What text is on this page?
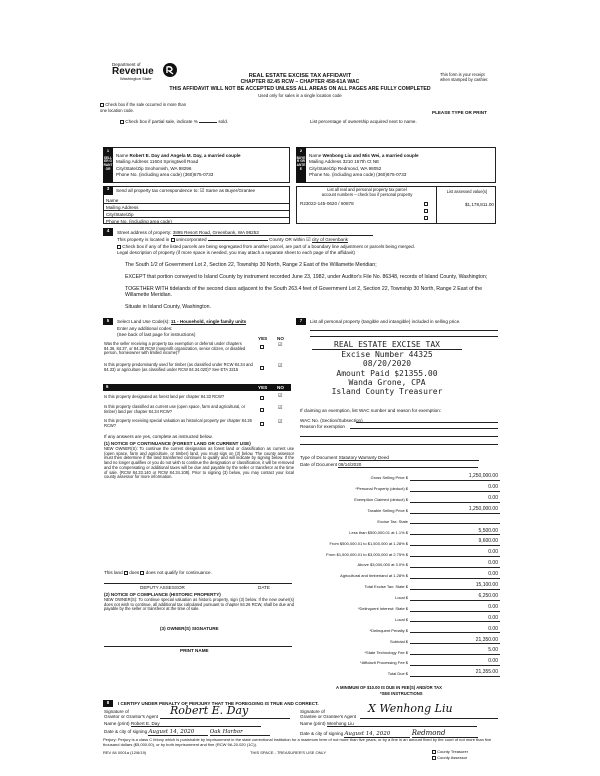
Department of
Revenue
Washington State	REAL ESTATE EXCISE TAX AFFIDAVIT
CHAPTER 82.45 RCW – CHAPTER 458-61A WAC
THIS AFFIDAVIT WILL NOT BE ACCEPTED UNLESS ALL AREAS ON ALL PAGES ARE FULLY COMPLETED
Used only for sales in a single location code
This form is your receipt
when stamped by cashier.
Check box if the sale occurred in more than one location code.	PLEASE TYPE OR PRINT
Check box if partial sale, indicate %	sold.	List percentage of ownership acquired next to name.
1
SELLER GRANTOR
Name Robert E. Day and Angela M. Day, a married couple
Mailing Address 11604 Springtwell Road
City/State/Zip Snohomish, WA 98296
Phone No. (including area code) (360)675-0733
2
BUYER GRANTEE
Name Wenbong Liu and Mis Wei, a married couple
Mailing Address 3210 157th Ct NE
City/State/Zip Redmond, WA 98052
Phone No. (including area code) (360)675-0733
3	Send all property tax correspondence to: ☑ Same as Buyer/Grantee
Name
Mailing Address
City/State/Zip
Phone No. (including area code)
List all real and personal property tax parcel
account numbers – check box if personal property
List assessed value(s)
R23022-145-0620 / 60878	$1,178,811.00

4	Street address of property: 3895 Resort Road, Greenbank, WA 98253
This property is located in unincorporated	County OR within ☑ city of Greenbank
Check box if any of the listed parcels are being segregated from another parcel, are part of a boundary line adjustment or parcels being merged.
Legal description of property (if more space is needed, you may attach a separate sheet to each page of the affidavit)

The South 1/2 of Government Lot 2, Section 22, Township 30 North, Range 2 East of the Willamette Meridian;

EXCEPT that portion conveyed to Island County by instrument recorded June 23, 1982, under Auditor's File No. 86348, records of Island County, Washington;

TOGETHER WITH tidelands of the second class adjacent to the South 263.4 feet of Government Lot 2, Section 22, Township 30 North, Range 2 East of the Willamette Meridian.

Situate in Island County, Washington.

5	Select Land Use Code(s): 11 - Household, single family units
Enter any additional codes:
(See back of last page for instructions)
YES NO
Was the seller receiving a property tax exemption or deferral under chapters 84.36, 84.37, or 84.38 RCW (nonprofit organization, senior citizen, or disabled person, homeowner with limited income)?
☑
Is this property predominantly used for timber (as classified under RCW 84.34 and 84.33) or agriculture (as classified under RCW 84.34.020)? See ETA 3215
☑
6	YES NO
Is this property designated as forest land per chapter 84.33 RCW?	☑
Is this property classified as current use (open space, farm and agricultural, or timber) land per chapter 84.34 RCW?
☑
Is this property receiving special valuation as historical property per chapter 84.26 RCW?
☑
If any answers are yes, complete as instructed below.
(1) NOTICE OF CONTINUANCE (FOREST LAND OR CURRENT USE)
NEW OWNER(S): To continue the current designation as forest land or classification as current use (open space, farm and agriculture, or timber) land, you must sign on (3) below. The county assessor must then determine if the land transferred continues to qualify and will indicate by signing below. If the land no longer qualifies or you do not wish to continue the designation or classification, it will be removed and the compensating or additional taxes will be due and payable by the seller or transferor at the time of sale. (RCW 84.33.140 or RCW 84.34.108). Prior to signing (3) below, you may contact your local county assessor for more information.
This land does does not qualify for continuance.
DEPUTY ASSESSOR	DATE
(2) NOTICE OF COMPLIANCE (HISTORIC PROPERTY)
NEW OWNER(S): To continue special valuation as historic property, sign (3) below. If the new owner(s) does not wish to continue, all additional tax calculated pursuant to chapter 84.26 RCW, shall be due and payable by the seller or transferor at the time of sale.
(3) OWNER(S) SIGNATURE
PRINT NAME
7	List all personal property (tangible and intangible) included in selling price.
REAL ESTATE EXCISE TAX
Excise Number 44325
08/20/2020
Amount Paid $21355.00
Wanda Grone, CPA
Island County Treasurer
If claiming an exemption, list WAC number and reason for exemption:
WAC No. (Section/Subsection)
Reason for exemption
Type of Document Statutory Warranty Deed
Date of Document 08/14/2020
Gross Selling Price $	1,250,000.00
*Personal Property (deduct) $	0.00
Exemption Claimed (deduct) $	0.00
Taxable Selling Price $	1,250,000.00
Excise Tax: State
Less than $500,000.01 at 1.1% $	5,500.00
From $500,000.01 to $1,500,000 at 1.28% $	9,600.00
From $1,500,000.01 to $3,000,000 at 2.75% $	0.00
Above $3,000,000 at 3.0% $	0.00
Agricultural and timberland at 1.28% $	0.00
Total Excise Tax: State $	15,100.00
Local $	6,250.00
*Delinquent Interest: State $	0.00
Local $	0.00
*Delinquent Penalty $	0.00
Subtotal $	21,350.00
*State Technology Fee $	5.00
*Affidavit Processing Fee $	0.00
Total Due $	21,355.00
A MINIMUM OF $10.00 IS DUE IN FEE(S) AND/OR TAX
*SEE INSTRUCTIONS
8	I CERTIFY UNDER PENALTY OF PERJURY THAT THE FOREGOING IS TRUE AND CORRECT.
Signature of
Grantor or Grantor's Agent Robert E. Day	Signature of
Grantee or Grantee's Agent
X Wenhong Liu
Name (print) Robert E. Day	Name (print) Wenhong Liu
Date & city of signing August 14, 2020	Oak Harbor	Date & city of signing August 14, 2020	Redmond
Perjury: Perjury is a class C felony which is punishable by imprisonment in the state correctional institution for a maximum term of not more than five years, or by a fine in an amount fixed by the court of not more than five thousand dollars ($5,000.00), or by both imprisonment and fine (RCW 9A.20.020 (1C)).
REV 84 0001a (12/6/19)	THIS SPACE - TREASURER'S USE ONLY	County Treasurer
County Assessor
